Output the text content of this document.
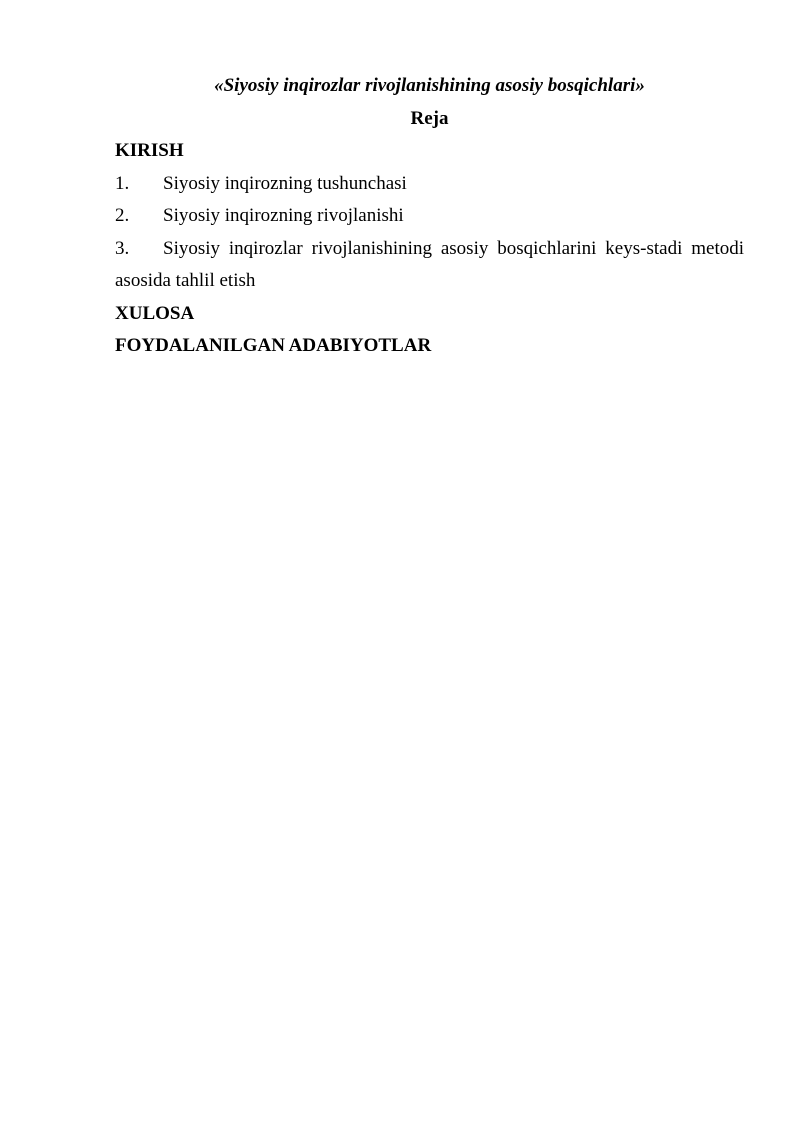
«Siyosiy inqirozlar rivojlanishining asosiy bosqichlari»

Reja

KIRISH

1. Siyosiy inqirozning tushunchasi

2. Siyosiy inqirozning rivojlanishi

3. Siyosiy inqirozlar rivojlanishining asosiy bosqichlarini keys-stadi metodi asosida tahlil etish

XULOSA

FOYDALANILGAN ADABIYOTLAR
